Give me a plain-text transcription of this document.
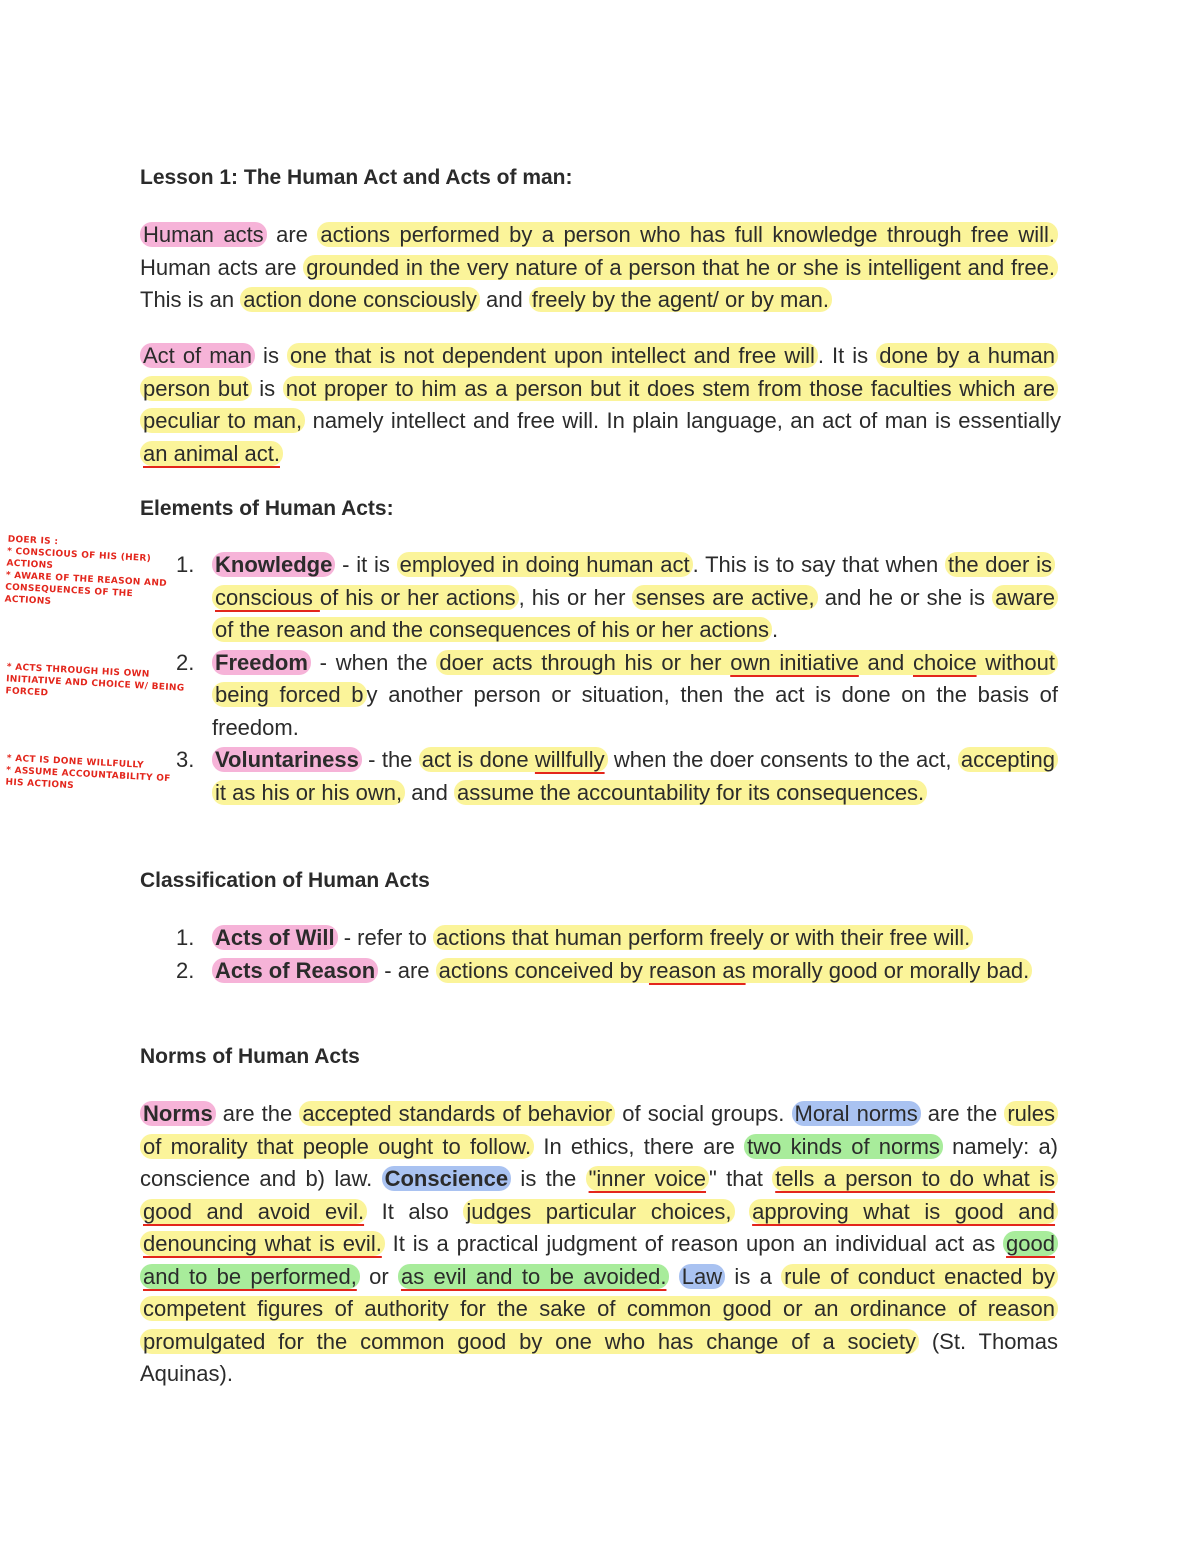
Lesson 1: The Human Act and Acts of man:

Human acts are actions performed by a person who has full knowledge through free will. Human acts are grounded in the very nature of a person that he or she is intelligent and free. This is an action done consciously and freely by the agent/ or by man.

Act of man is one that is not dependent upon intellect and free will . It is done by a human person but is not proper to him as a person but it does stem from those faculties which are peculiar to man, namely intellect and free will. In plain language, an act of man is essentially an animal act.

Elements of Human Acts:
1. Knowledge - it is employed in doing human act . This is to say that when the doer is conscious of his or her actions , his or her senses are active, and he or she is aware of the reason and the consequences of his or her actions .
2. Freedom - when the doer acts through his or her own initiative and choice without being forced b y another person or situation, then the act is done on the basis of freedom.
3. Voluntariness - the act is done willfully when the doer consents to the act, accepting it as his or his own, and assume the accountability for its consequences.
Classification of Human Acts
1. Acts of Will - refer to actions that human perform freely or with their free will.
2. Acts of Reason - are actions conceived by reason as morally good or morally bad.
Norms of Human Acts

Norms are the accepted standards of behavior of social groups. Moral norms are the rules of morality that people ought to follow. In ethics, there are two kinds of norms namely: a) conscience and b) law. Conscience is the "inner voice " that tells a person to do what is good and avoid evil. It also judges particular choices, approving what is good and denouncing what is evil. It is a practical judgment of reason upon an individual act as good and to be performed, or as evil and to be avoided. Law is a rule of conduct enacted by competent figures of authority for the sake of common good or an ordinance of reason promulgated for the common good by one who has change of a society (St. Thomas Aquinas).

DOER IS :
* CONSCIOUS OF HIS (HER) ACTIONS
* AWARE OF THE REASON AND CONSEQUENCES OF THE ACTIONS
* ACTS THROUGH HIS OWN INITIATIVE AND CHOICE W/ BEING FORCED
* ACT IS DONE WILLFULLY
* ASSUME ACCOUNTABILITY OF HIS ACTIONS
